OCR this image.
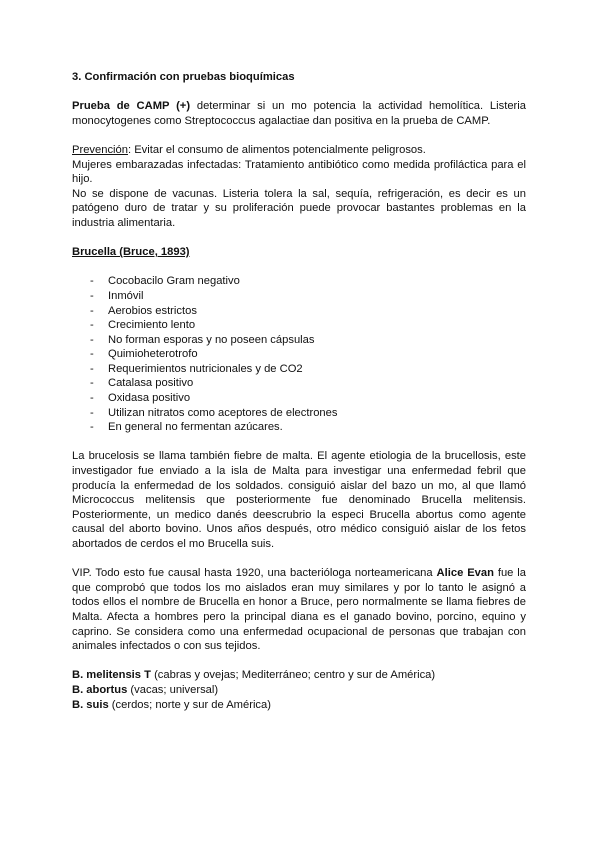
3. Confirmación con pruebas bioquímicas

Prueba de CAMP (+) determinar si un mo potencia la actividad hemolítica. Listeria monocytogenes como Streptococcus agalactiae dan positiva en la prueba de CAMP.

Prevención: Evitar el consumo de alimentos potencialmente peligrosos.

Mujeres embarazadas infectadas: Tratamiento antibiótico como medida profiláctica para el hijo.

No se dispone de vacunas. Listeria tolera la sal, sequía, refrigeración, es decir es un patógeno duro de tratar y su proliferación puede provocar bastantes problemas en la industria alimentaria.

Brucella (Bruce, 1893)

- Cocobacilo Gram negativo
- Inmóvil
- Aerobios estrictos
- Crecimiento lento
- No forman esporas y no poseen cápsulas
- Quimioheterotrofo
- Requerimientos nutricionales y de CO2
- Catalasa positivo
- Oxidasa positivo
- Utilizan nitratos como aceptores de electrones
- En general no fermentan azúcares.

La brucelosis se llama también fiebre de malta. El agente etiologia de la brucellosis, este investigador fue enviado a la isla de Malta para investigar una enfermedad febril que producía la enfermedad de los soldados. consiguió aislar del bazo un mo, al que llamó Micrococcus melitensis que posteriormente fue denominado Brucella melitensis. Posteriormente, un medico danés deescrubrio la especi Brucella abortus como agente causal del aborto bovino. Unos años después, otro médico consiguió aislar de los fetos abortados de cerdos el mo Brucella suis.

VIP. Todo esto fue causal hasta 1920, una bacterióloga norteamericana Alice Evan fue la que comprobó que todos los mo aislados eran muy similares y por lo tanto le asignó a todos ellos el nombre de Brucella en honor a Bruce, pero normalmente se llama fiebres de Malta. Afecta a hombres pero la principal diana es el ganado bovino, porcino, equino y caprino. Se considera como una enfermedad ocupacional de personas que trabajan con animales infectados o con sus tejidos.

B. melitensis T (cabras y ovejas; Mediterráneo; centro y sur de América)

B. abortus (vacas; universal)

B. suis (cerdos; norte y sur de América)
